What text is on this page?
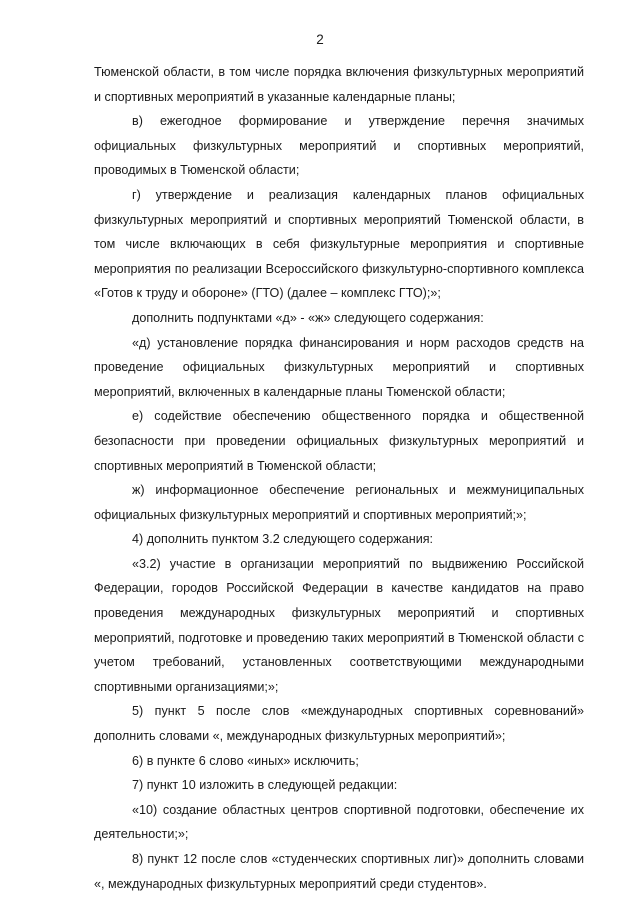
2

Тюменской области, в том числе порядка включения физкультурных мероприятий и спортивных мероприятий в указанные календарные планы;

в) ежегодное формирование и утверждение перечня значимых официальных физкультурных мероприятий и спортивных мероприятий, проводимых в Тюменской области;

г) утверждение и реализация календарных планов официальных физкультурных мероприятий и спортивных мероприятий Тюменской области, в том числе включающих в себя физкультурные мероприятия и спортивные мероприятия по реализации Всероссийского физкультурно-спортивного комплекса «Готов к труду и обороне» (ГТО) (далее – комплекс ГТО);»;

дополнить подпунктами «д» - «ж» следующего содержания:

«д) установление порядка финансирования и норм расходов средств на проведение официальных физкультурных мероприятий и спортивных мероприятий, включенных в календарные планы Тюменской области;

е) содействие обеспечению общественного порядка и общественной безопасности при проведении официальных физкультурных мероприятий и спортивных мероприятий в Тюменской области;

ж) информационное обеспечение региональных и межмуниципальных официальных физкультурных мероприятий и спортивных мероприятий;»;

4) дополнить пунктом 3.2 следующего содержания:

«3.2) участие в организации мероприятий по выдвижению Российской Федерации, городов Российской Федерации в качестве кандидатов на право проведения международных физкультурных мероприятий и спортивных мероприятий, подготовке и проведению таких мероприятий в Тюменской области с учетом требований, установленных соответствующими международными спортивными организациями;»;

5) пункт 5 после слов «международных спортивных соревнований» дополнить словами «, международных физкультурных мероприятий»;

6) в пункте 6 слово «иных» исключить;

7) пункт 10 изложить в следующей редакции:

«10) создание областных центров спортивной подготовки, обеспечение их деятельности;»;

8) пункт 12 после слов «студенческих спортивных лиг)» дополнить словами «, международных физкультурных мероприятий среди студентов».
